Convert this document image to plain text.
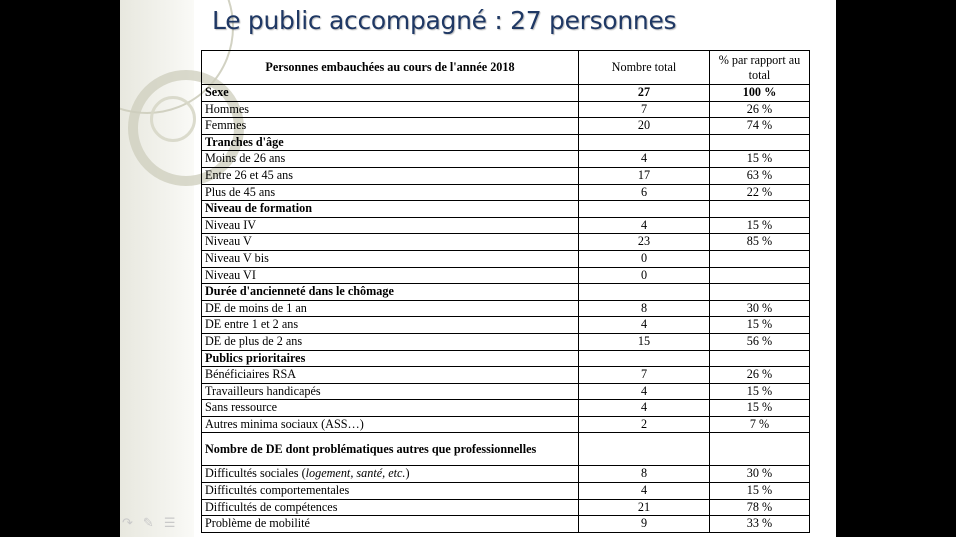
Le public accompagné : 27 personnes
Personnes embauchées au cours de l'année 2018	Nombre total	% par rapport au total
Sexe	27	100 %
Hommes	7	26 %
Femmes	20	74 %
Tranches d'âge		
Moins de 26 ans	4	15 %
Entre 26 et 45 ans	17	63 %
Plus de 45 ans	6	22 %
Niveau de formation		
Niveau IV	4	15 %
Niveau V	23	85 %
Niveau V bis	0	
Niveau VI	0	
Durée d'ancienneté dans le chômage		
DE de moins de 1 an	8	30 %
DE entre 1 et 2 ans	4	15 %
DE de plus de 2 ans	15	56 %
Publics prioritaires		
Bénéficiaires RSA	7	26 %
Travailleurs handicapés	4	15 %
Sans ressource	4	15 %
Autres minima sociaux (ASS…)	2	7 %
Nombre de DE dont problématiques autres que professionnelles		
Difficultés sociales (logement, santé, etc.)	8	30 %
Difficultés comportementales	4	15 %
Difficultés de compétences	21	78 %
Problème de mobilité	9	33 %
↷ ✎ ☰
